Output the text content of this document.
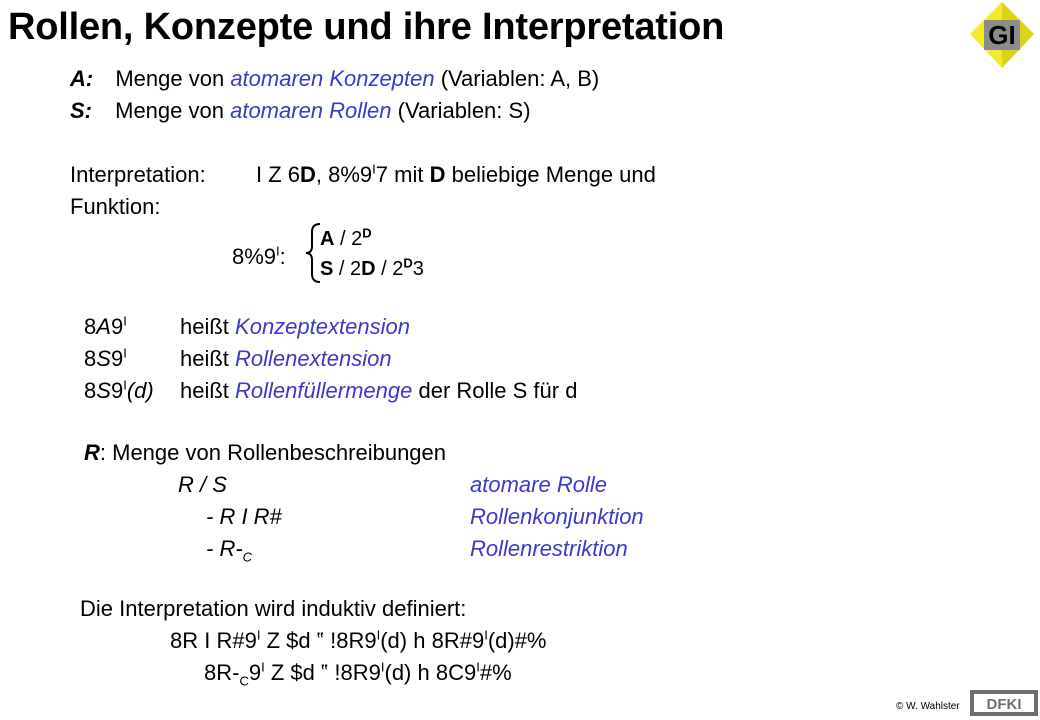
Rollen, Konzepte und ihre Interpretation	GI
A: Menge von atomaren Konzepten (Variablen: A, B)
S: Menge von atomaren Rollen (Variablen: S)
Interpretation: I Z 6D, $8\%9^I7$ mit D beliebige Menge und
Funktion:
$8\%9^I$:
A / $2^D$
S / $2D / 2^D3$
$8A9^I$ heißt Konzeptextension
$8S9^I$ heißt Rollenextension
$8S9^I(d)$ heißt Rollenfüllermenge der Rolle S für d
R: Menge von Rollenbeschreibungen
R / S	atomare Rolle
- R I R#	Rollenkonjunktion
- $R-_C$	Rollenrestriktion
Die Interpretation wird induktiv definiert:
8R I $R\#9^I$ Z $d ‟ $!8R9^I(d)$ h $8R\#9^I(d)\#\%$
$8R-_C9^I$ Z $d ‟ $!8R9^I(d)$ h $8C9^I\#\%$
© W. Wahlster DFKI
